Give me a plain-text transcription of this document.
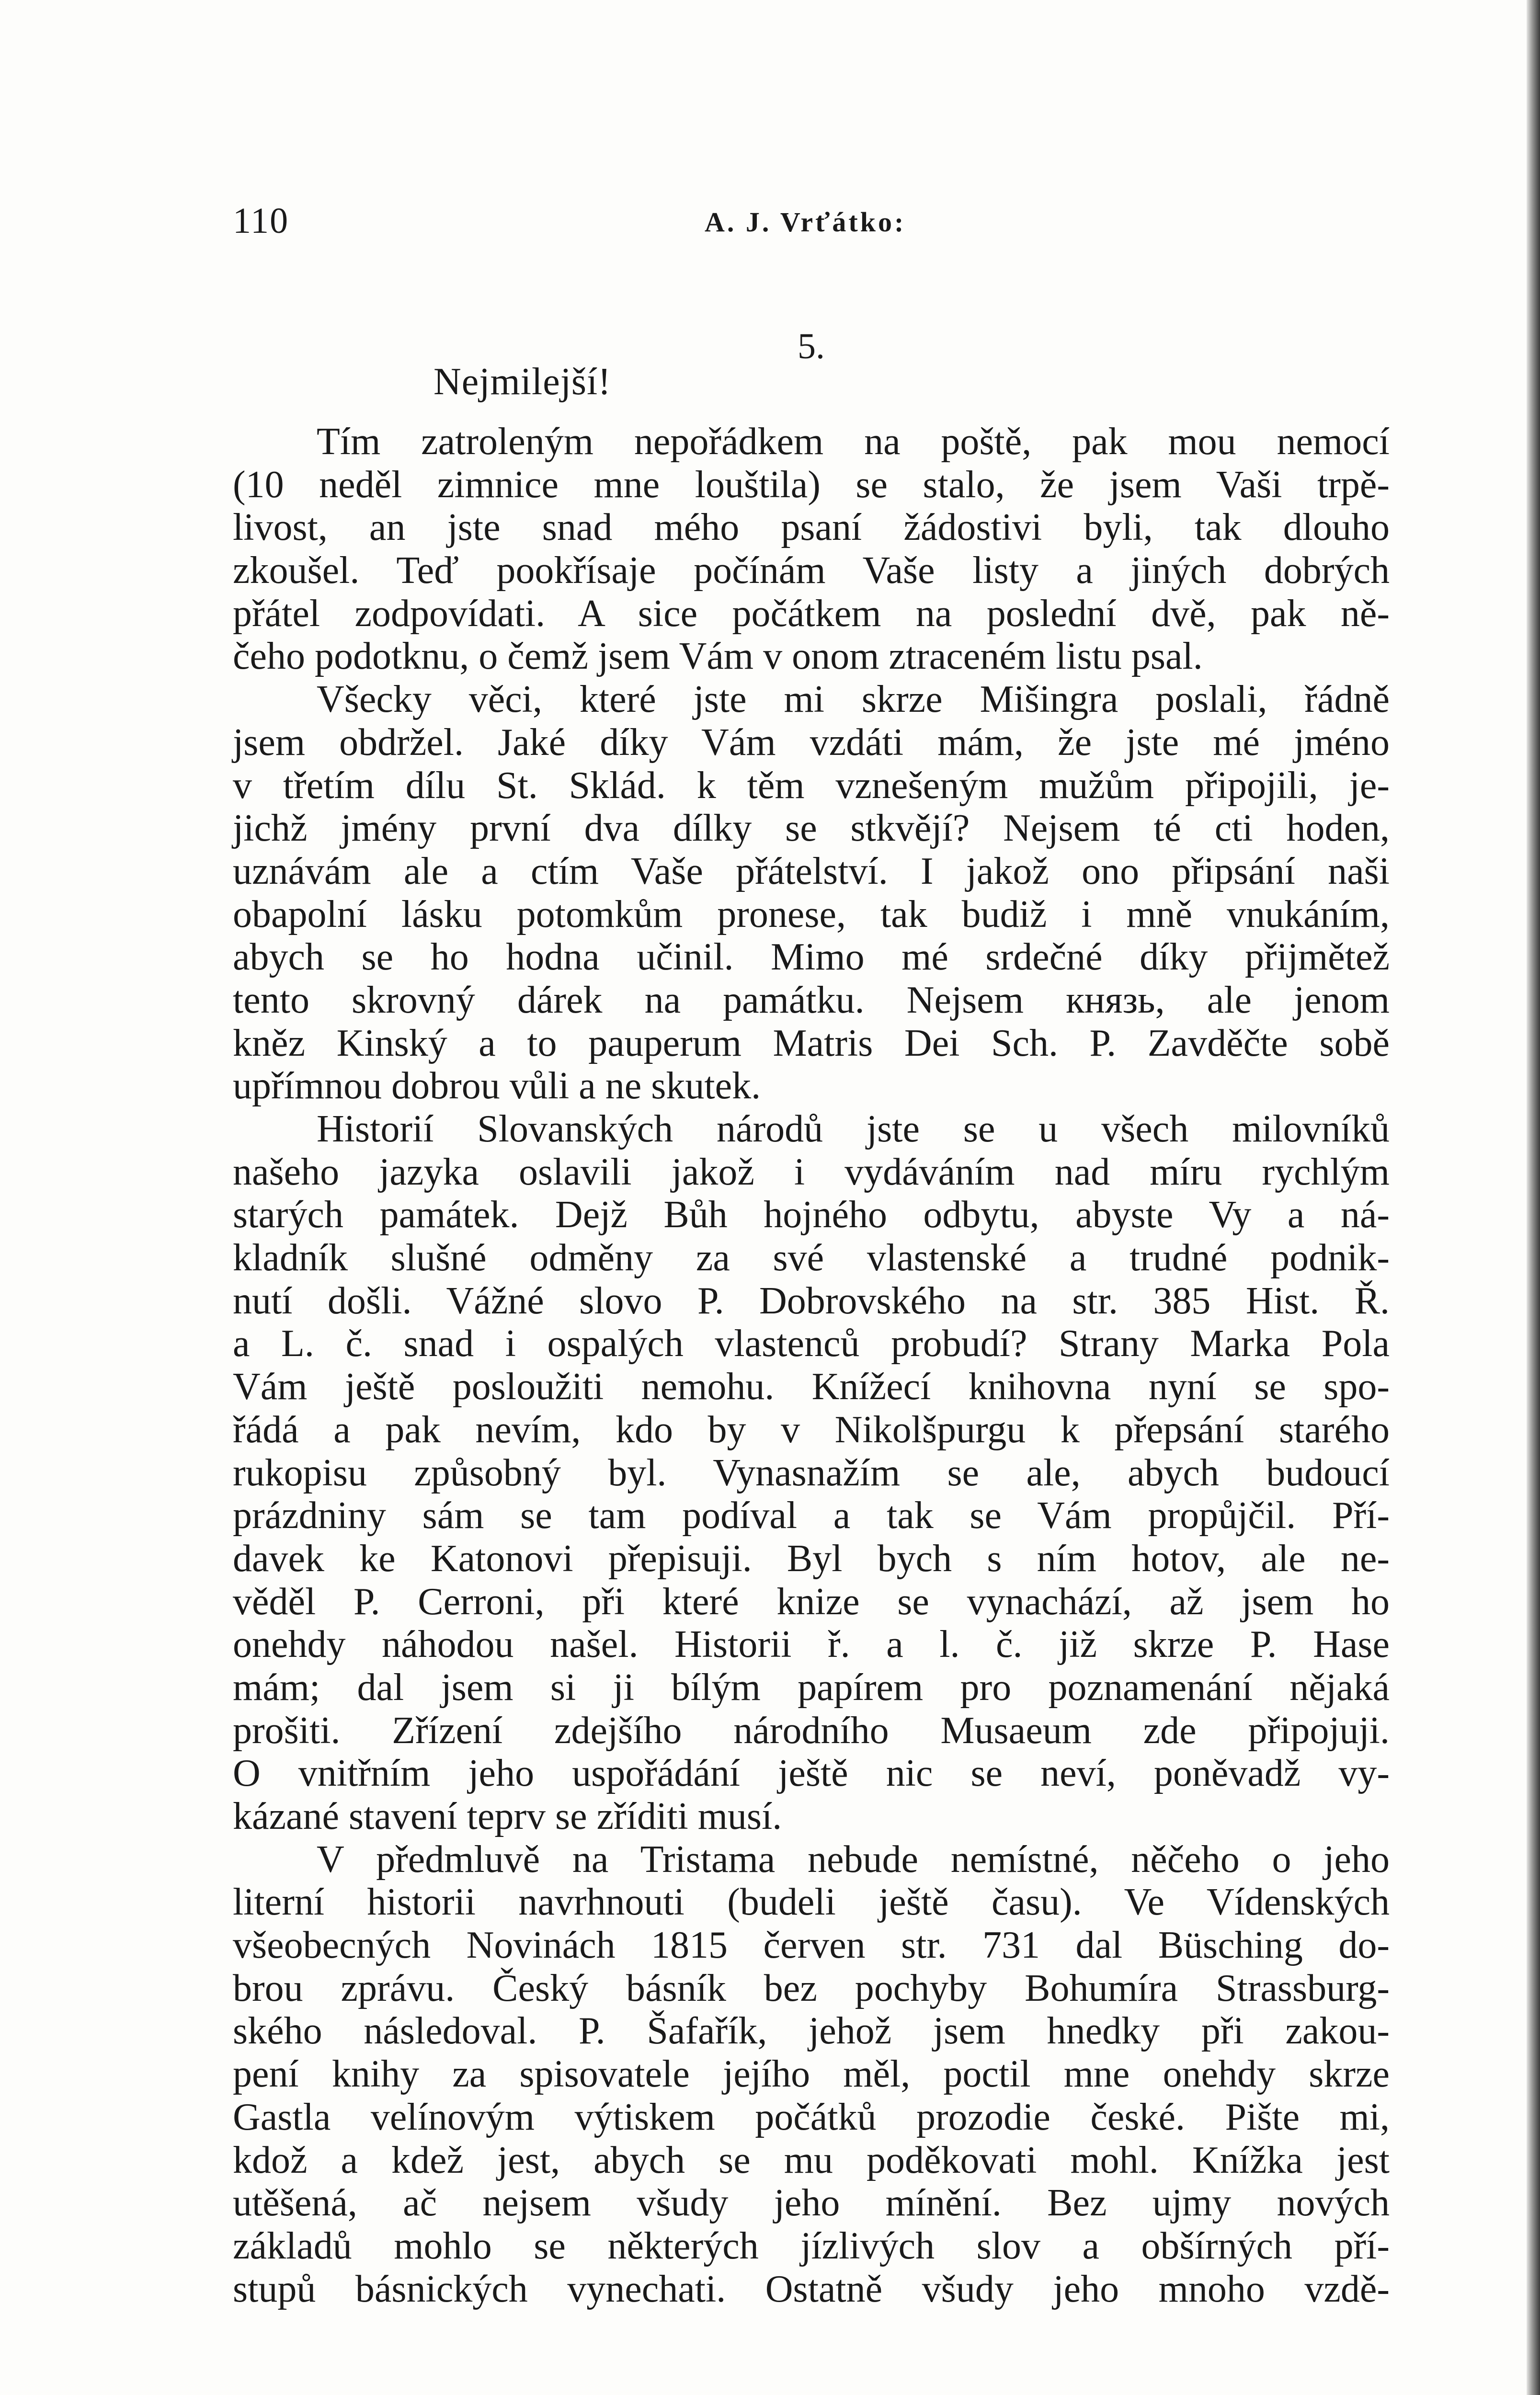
110	A. J. Vrťátko:
5.
Nejmilejší!
Tím zatroleným nepořádkem na poště, pak mou nemocí
(10 neděl zimnice mne louštila) se stalo, že jsem Vaši trpě-
livost, an jste snad mého psaní žádostivi byli, tak dlouho
zkoušel. Teď pookřísaje počínám Vaše listy a jiných dobrých
přátel zodpovídati. A sice počátkem na poslední dvě, pak ně-
čeho podotknu, o čemž jsem Vám v onom ztraceném listu psal.
Všecky věci, které jste mi skrze Mišingra poslali, řádně
jsem obdržel. Jaké díky Vám vzdáti mám, že jste mé jméno
v třetím dílu St. Sklád. k těm vznešeným mužům připojili, je-
jichž jmény první dva dílky se stkvějí? Nejsem té cti hoden,
uznávám ale a ctím Vaše přátelství. I jakož ono připsání naši
obapolní lásku potomkům pronese, tak budiž i mně vnukáním,
abych se ho hodna učinil. Mimo mé srdečné díky přijmětež
tento skrovný dárek na památku. Nejsem князь, ale jenom
kněz Kinský a to pauperum Matris Dei Sch. P. Zavděčte sobě
upřímnou dobrou vůli a ne skutek.
Historií Slovanských národů jste se u všech milovníků
našeho jazyka oslavili jakož i vydáváním nad míru rychlým
starých památek. Dejž Bůh hojného odbytu, abyste Vy a ná-
kladník slušné odměny za své vlastenské a trudné podnik-
nutí došli. Vážné slovo P. Dobrovského na str. 385 Hist. Ř.
a L. č. snad i ospalých vlastenců probudí? Strany Marka Pola
Vám ještě posloužiti nemohu. Knížecí knihovna nyní se spo-
řádá a pak nevím, kdo by v Nikolšpurgu k přepsání starého
rukopisu způsobný byl. Vynasnažím se ale, abych budoucí
prázdniny sám se tam podíval a tak se Vám propůjčil. Pří-
davek ke Katonovi přepisuji. Byl bych s ním hotov, ale ne-
věděl P. Cerroni, při které knize se vynachází, až jsem ho
onehdy náhodou našel. Historii ř. a l. č. již skrze P. Hase
mám; dal jsem si ji bílým papírem pro poznamenání nějaká
prošiti. Zřízení zdejšího národního Musaeum zde připojuji.
O vnitřním jeho uspořádání ještě nic se neví, poněvadž vy-
kázané stavení teprv se zříditi musí.
V předmluvě na Tristama nebude nemístné, něčeho o jeho
literní historii navrhnouti (budeli ještě času). Ve Vídenských
všeobecných Novinách 1815 červen str. 731 dal Büsching do-
brou zprávu. Český básník bez pochyby Bohumíra Strassburg-
ského následoval. P. Šafařík, jehož jsem hnedky při zakou-
pení knihy za spisovatele jejího měl, poctil mne onehdy skrze
Gastla velínovým výtiskem počátků prozodie české. Pište mi,
kdož a kdež jest, abych se mu poděkovati mohl. Knížka jest
utěšená, ač nejsem všudy jeho mínění. Bez ujmy nových
základů mohlo se některých jízlivých slov a obšírných pří-
stupů básnických vynechati. Ostatně všudy jeho mnoho vzdě-
